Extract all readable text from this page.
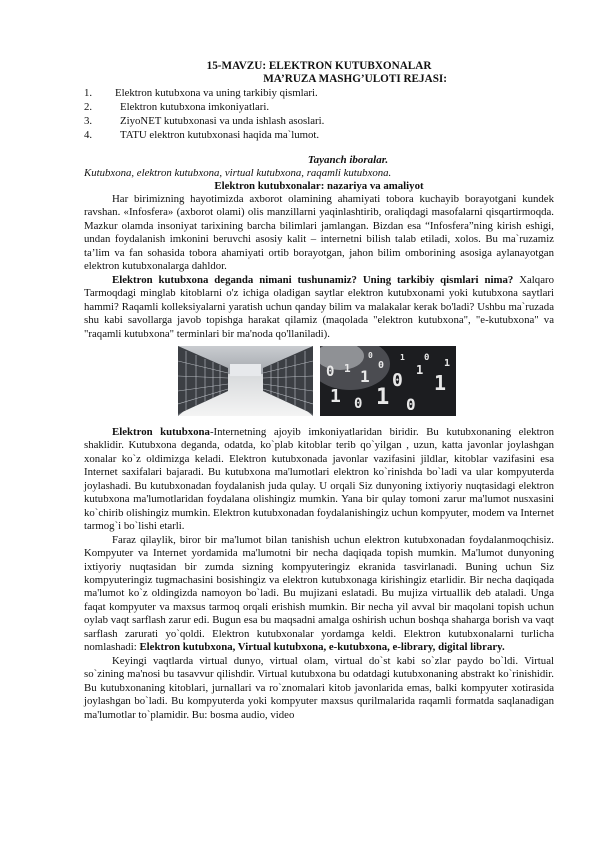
15-MAVZU: ELEKTRON KUTUBXONALAR

MA’RUZA MASHG’ULOTI REJASI:

1. Elektron kutubxona va uning tarkibiy qismlari.
2.	Elektron kutubxona imkoniyatlari.
3.	ZiyoNET kutubxonasi va unda ishlash asoslari.
4.	TATU elektron kutubxonasi haqida ma`lumot.

Tayanch iboralar.

Kutubxona, elektron kutubxona, virtual kutubxona, raqamli kutubxona.

Elektron kutubxonalar: nazariya va amaliyot

Har birimizning hayotimizda axborot olamining ahamiyati tobora kuchayib borayotgani kundek ravshan. «Infosfera» (axborot olami) olis manzillarni yaqinlashtirib, oraliqdagi masofalarni qisqartirmoqda. Mazkur olamda insoniyat tarixining barcha bilimlari jamlangan. Bizdan esa “Infosfera”ning kirish eshigi, undan foydalanish imkonini beruvchi asosiy kalit – internetni bilish talab etiladi, xolos. Bu ma`ruzamiz ta’lim va fan sohasida tobora ahamiyati ortib borayotgan, jahon bilim omborining asosiga aylanayotgan elektron kutubxonalarga dahldor.

Elektron kutubxona deganda nimani tushunamiz? Uning tarkibiy qismlari nima? Xalqaro Tarmoqdagi minglab kitoblarni o'z ichiga oladigan saytlar elektron kutubxonami yoki kutubxona saytlari hammi? Raqamli kolleksiyalarni yaratish uchun qanday bilim va malakalar kerak bo'ladi? Ushbu ma`ruzada shu kabi savollarga javob topishga harakat qilamiz (maqolada "elektron kutubxona", "e-kutubxona" va "raqamli kutubxona" terminlari bir ma'noda qo'llaniladi).

0 1 1
0
0 1
1
1 0 1 0
0 1
0	1

Elektron kutubxona-Internetning ajoyib imkoniyatlaridan biridir. Bu kutubxonaning elektron shaklidir. Kutubxona deganda, odatda, ko`plab kitoblar terib qo`yilgan , uzun, katta javonlar joylashgan xonalar ko`z oldimizga keladi. Elektron kutubxonada javonlar vazifasini jildlar, kitoblar vazifasini esa Internet saxifalari bajaradi. Bu kutubxona ma'lumotlari elektron ko`rinishda bo`ladi va ular kompyuterda joylashadi. Bu kutubxonadan foydalanish juda qulay. U orqali Siz dunyoning ixtiyoriy nuqtasidagi elektron kutubxona ma'lumotlaridan foydalana olishingiz mumkin. Yana bir qulay tomoni zarur ma'lumot nusxasini ko`chirib olishingiz mumkin. Elektron kutubxonadan foydalanishingiz uchun kompyuter, modem va Internet tarmog`i bo`lishi etarli.

Faraz qilaylik, biror bir ma'lumot bilan tanishish uchun elektron kutubxonadan foydalanmoqchisiz. Kompyuter va Internet yordamida ma'lumotni bir necha daqiqada topish mumkin. Ma'lumot dunyoning ixtiyoriy nuqtasidan bir zumda sizning kompyuteringiz ekranida tasvirlanadi. Buning uchun Siz kompyuteringiz tugmachasini bosishingiz va elektron kutubxonaga kirishingiz etarlidir. Bir necha daqiqada ma'lumot ko`z oldingizda namoyon bo`ladi. Bu mujizani eslatadi. Bu mujiza virtuallik deb ataladi. Unga faqat kompyuter va maxsus tarmoq orqali erishish mumkin. Bir necha yil avval bir maqolani topish uchun oylab vaqt sarflash zarur edi. Bugun esa bu maqsadni amalga oshirish uchun boshqa shaharga borish va vaqt sarflash zarurati yo`qoldi. Elektron kutubxonalar yordamga keldi. Elektron kutubxonalarni turlicha nomlashadi: Elektron kutubxona, Virtual kutubxona, e-kutubxona, e-library, digital library.

Keyingi vaqtlarda virtual dunyo, virtual olam, virtual do`st kabi so`zlar paydo bo`ldi. Virtual so`zining ma'nosi bu tasavvur qilishdir. Virtual kutubxona bu odatdagi kutubxonaning abstrakt ko`rinishidir. Bu kutubxonaning kitoblari, jurnallari va ro`znomalari kitob javonlarida emas, balki kompyuter xotirasida joylashgan bo`ladi. Bu kompyuterda yoki kompyuter maxsus qurilmalarida raqamli formatda saqlanadigan ma'lumotlar to`plamidir. Bu: bosma audio, video
